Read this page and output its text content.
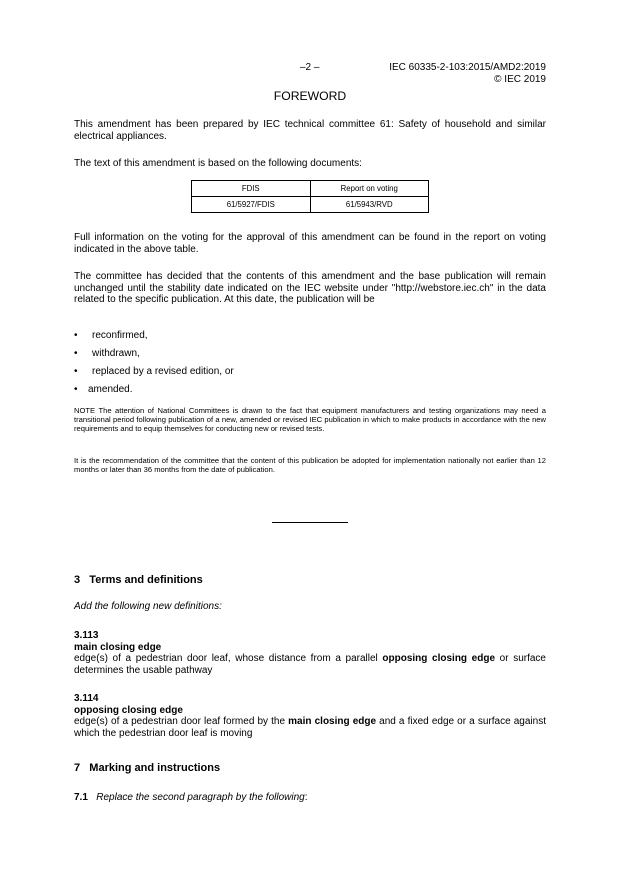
–2 –	IEC 60335-2-103:2015/AMD2:2019
© IEC 2019
FOREWORD
This amendment has been prepared by IEC technical committee 61: Safety of household and similar electrical appliances.
The text of this amendment is based on the following documents:
FDIS	Report on voting
61/5927/FDIS	61/5943/RVD
Full information on the voting for the approval of this amendment can be found in the report on voting indicated in the above table.
The committee has decided that the contents of this amendment and the base publication will remain unchanged until the stability date indicated on the IEC website under "http://webstore.iec.ch" in the data related to the specific publication. At this date, the publication will be
• reconfirmed,
• withdrawn,
• replaced by a revised edition, or
• amended.
NOTE The attention of National Committees is drawn to the fact that equipment manufacturers and testing organizations may need a transitional period following publication of a new, amended or revised IEC publication in which to make products in accordance with the new requirements and to equip themselves for conducting new or revised tests.
It is the recommendation of the committee that the content of this publication be adopted for implementation nationally not earlier than 12 months or later than 36 months from the date of publication.
3 Terms and definitions
Add the following new definitions:
3.113
main closing edge
edge(s) of a pedestrian door leaf, whose distance from a parallel opposing closing edge or surface determines the usable pathway
3.114
opposing closing edge
edge(s) of a pedestrian door leaf formed by the main closing edge and a fixed edge or a surface against which the pedestrian door leaf is moving
7 Marking and instructions
7.1 Replace the second paragraph by the following:
